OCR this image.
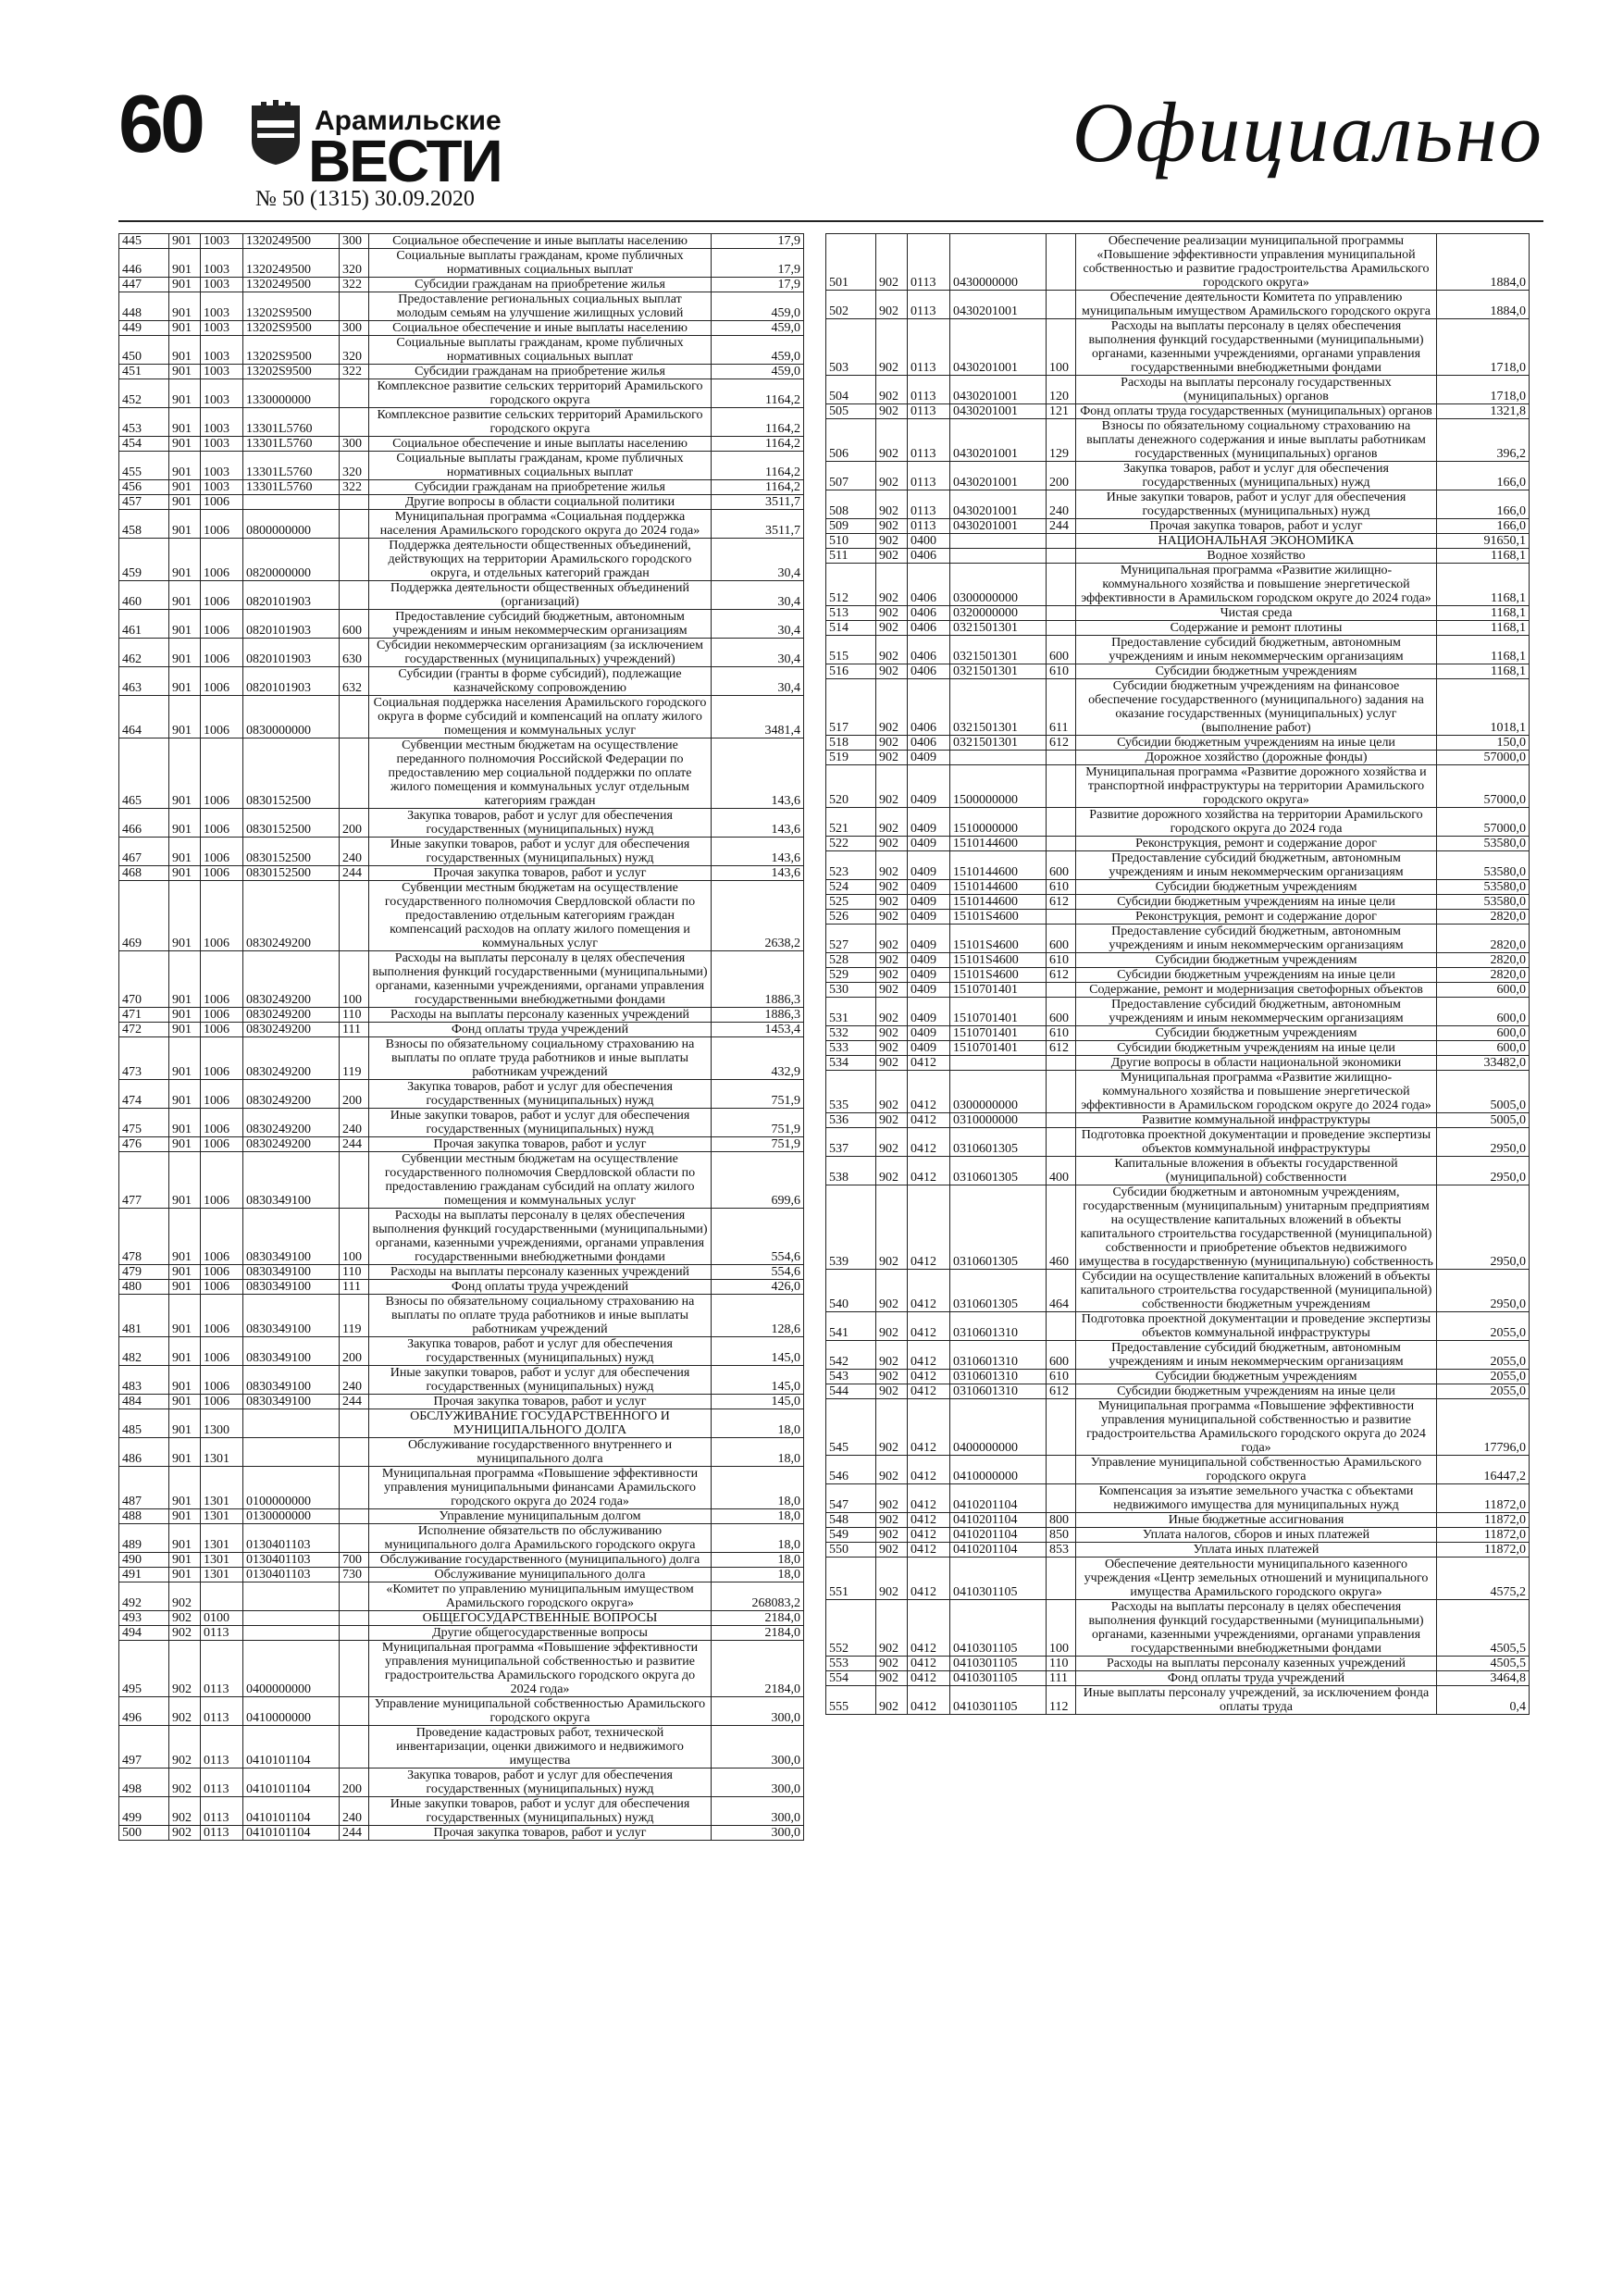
60	Арамильские
ВЕСТИ
№ 50 (1315) 30.09.2020
Официально
445	901	1003	1320249500	300	Социальное обеспечение и иные выплаты населению	17,9
446	901	1003	1320249500	320	Социальные выплаты гражданам, кроме публичных нормативных социальных выплат	17,9
447	901	1003	1320249500	322	Субсидии гражданам на приобретение жилья	17,9
448	901	1003	13202S9500		Предоставление региональных социальных выплат молодым семьям на улучшение жилищных условий	459,0
449	901	1003	13202S9500	300	Социальное обеспечение и иные выплаты населению	459,0
450	901	1003	13202S9500	320	Социальные выплаты гражданам, кроме публичных нормативных социальных выплат	459,0
451	901	1003	13202S9500	322	Субсидии гражданам на приобретение жилья	459,0
452	901	1003	1330000000		Комплексное развитие сельских территорий Арамильского городского округа	1164,2
453	901	1003	13301L5760		Комплексное развитие сельских территорий Арамильского городского округа	1164,2
454	901	1003	13301L5760	300	Социальное обеспечение и иные выплаты населению	1164,2
455	901	1003	13301L5760	320	Социальные выплаты гражданам, кроме публичных нормативных социальных выплат	1164,2
456	901	1003	13301L5760	322	Субсидии гражданам на приобретение жилья	1164,2
457	901	1006			Другие вопросы в области социальной политики	3511,7
458	901	1006	0800000000		Муниципальная программа «Социальная поддержка населения Арамильского городского округа до 2024 года»	3511,7
459	901	1006	0820000000		Поддержка деятельности общественных объединений, действующих на территории Арамильского городского округа, и отдельных категорий граждан	30,4
460	901	1006	0820101903		Поддержка деятельности общественных объединений (организаций)	30,4
461	901	1006	0820101903	600	Предоставление субсидий бюджетным, автономным учреждениям и иным некоммерческим организациям	30,4
462	901	1006	0820101903	630	Субсидии некоммерческим организациям (за исключением государственных (муниципальных) учреждений)	30,4
463	901	1006	0820101903	632	Субсидии (гранты в форме субсидий), подлежащие казначейскому сопровождению	30,4
464	901	1006	0830000000		Социальная поддержка населения Арамильского городского округа в форме субсидий и компенсаций на оплату жилого помещения и коммунальных услуг	3481,4
465	901	1006	0830152500		Субвенции местным бюджетам на осуществление переданного полномочия Российской Федерации по предоставлению мер социальной поддержки по оплате жилого помещения и коммунальных услуг отдельным категориям граждан	143,6
466	901	1006	0830152500	200	Закупка товаров, работ и услуг для обеспечения государственных (муниципальных) нужд	143,6
467	901	1006	0830152500	240	Иные закупки товаров, работ и услуг для обеспечения государственных (муниципальных) нужд	143,6
468	901	1006	0830152500	244	Прочая закупка товаров, работ и услуг	143,6
469	901	1006	0830249200		Субвенции местным бюджетам на осуществление государственного полномочия Свердловской области по предоставлению отдельным категориям граждан компенсаций расходов на оплату жилого помещения и коммунальных услуг	2638,2
470	901	1006	0830249200	100	Расходы на выплаты персоналу в целях обеспечения выполнения функций государственными (муниципальными) органами, казенными учреждениями, органами управления государственными внебюджетными фондами	1886,3
471	901	1006	0830249200	110	Расходы на выплаты персоналу казенных учреждений	1886,3
472	901	1006	0830249200	111	Фонд оплаты труда учреждений	1453,4
473	901	1006	0830249200	119	Взносы по обязательному социальному страхованию на выплаты по оплате труда работников и иные выплаты работникам учреждений	432,9
474	901	1006	0830249200	200	Закупка товаров, работ и услуг для обеспечения государственных (муниципальных) нужд	751,9
475	901	1006	0830249200	240	Иные закупки товаров, работ и услуг для обеспечения государственных (муниципальных) нужд	751,9
476	901	1006	0830249200	244	Прочая закупка товаров, работ и услуг	751,9
477	901	1006	0830349100		Субвенции местным бюджетам на осуществление государственного полномочия Свердловской области по предоставлению гражданам субсидий на оплату жилого помещения и коммунальных услуг	699,6
478	901	1006	0830349100	100	Расходы на выплаты персоналу в целях обеспечения выполнения функций государственными (муниципальными) органами, казенными учреждениями, органами управления государственными внебюджетными фондами	554,6
479	901	1006	0830349100	110	Расходы на выплаты персоналу казенных учреждений	554,6
480	901	1006	0830349100	111	Фонд оплаты труда учреждений	426,0
481	901	1006	0830349100	119	Взносы по обязательному социальному страхованию на выплаты по оплате труда работников и иные выплаты работникам учреждений	128,6
482	901	1006	0830349100	200	Закупка товаров, работ и услуг для обеспечения государственных (муниципальных) нужд	145,0
483	901	1006	0830349100	240	Иные закупки товаров, работ и услуг для обеспечения государственных (муниципальных) нужд	145,0
484	901	1006	0830349100	244	Прочая закупка товаров, работ и услуг	145,0
485	901	1300			ОБСЛУЖИВАНИЕ ГОСУДАРСТВЕННОГО И МУНИЦИПАЛЬНОГО ДОЛГА	18,0
486	901	1301			Обслуживание государственного внутреннего и муниципального долга	18,0
487	901	1301	0100000000		Муниципальная программа «Повышение эффективности управления муниципальными финансами Арамильского городского округа до 2024 года»	18,0
488	901	1301	0130000000		Управление муниципальным долгом	18,0
489	901	1301	0130401103		Исполнение обязательств по обслуживанию муниципального долга Арамильского городского округа	18,0
490	901	1301	0130401103	700	Обслуживание государственного (муниципального) долга	18,0
491	901	1301	0130401103	730	Обслуживание муниципального долга	18,0
492	902				«Комитет по управлению муниципальным имуществом Арамильского городского округа»	268083,2
493	902	0100			ОБЩЕГОСУДАРСТВЕННЫЕ ВОПРОСЫ	2184,0
494	902	0113			Другие общегосударственные вопросы	2184,0
495	902	0113	0400000000		Муниципальная программа «Повышение эффективности управления муниципальной собственностью и развитие градостроительства Арамильского городского округа до 2024 года»	2184,0
496	902	0113	0410000000		Управление муниципальной собственностью Арамильского городского округа	300,0
497	902	0113	0410101104		Проведение кадастровых работ, технической инвентаризации, оценки движимого и недвижимого имущества	300,0
498	902	0113	0410101104	200	Закупка товаров, работ и услуг для обеспечения государственных (муниципальных) нужд	300,0
499	902	0113	0410101104	240	Иные закупки товаров, работ и услуг для обеспечения государственных (муниципальных) нужд	300,0
500	902	0113	0410101104	244	Прочая закупка товаров, работ и услуг	300,0
501	902	0113	0430000000		Обеспечение реализации муниципальной программы «Повышение эффективности управления муниципальной собственностью и развитие градостроительства Арамильского городского округа»	1884,0
502	902	0113	0430201001		Обеспечение деятельности Комитета по управлению муниципальным имуществом Арамильского городского округа	1884,0
503	902	0113	0430201001	100	Расходы на выплаты персоналу в целях обеспечения выполнения функций государственными (муниципальными) органами, казенными учреждениями, органами управления государственными внебюджетными фондами	1718,0
504	902	0113	0430201001	120	Расходы на выплаты персоналу государственных (муниципальных) органов	1718,0
505	902	0113	0430201001	121	Фонд оплаты труда государственных (муниципальных) органов	1321,8
506	902	0113	0430201001	129	Взносы по обязательному социальному страхованию на выплаты денежного содержания и иные выплаты работникам государственных (муниципальных) органов	396,2
507	902	0113	0430201001	200	Закупка товаров, работ и услуг для обеспечения государственных (муниципальных) нужд	166,0
508	902	0113	0430201001	240	Иные закупки товаров, работ и услуг для обеспечения государственных (муниципальных) нужд	166,0
509	902	0113	0430201001	244	Прочая закупка товаров, работ и услуг	166,0
510	902	0400			НАЦИОНАЛЬНАЯ ЭКОНОМИКА	91650,1
511	902	0406			Водное хозяйство	1168,1
512	902	0406	0300000000		Муниципальная программа «Развитие жилищно-коммунального хозяйства и повышение энергетической эффективности в Арамильском городском округе до 2024 года»	1168,1
513	902	0406	0320000000		Чистая среда	1168,1
514	902	0406	0321501301		Содержание и ремонт плотины	1168,1
515	902	0406	0321501301	600	Предоставление субсидий бюджетным, автономным учреждениям и иным некоммерческим организациям	1168,1
516	902	0406	0321501301	610	Субсидии бюджетным учреждениям	1168,1
517	902	0406	0321501301	611	Субсидии бюджетным учреждениям на финансовое обеспечение государственного (муниципального) задания на оказание государственных (муниципальных) услуг (выполнение работ)	1018,1
518	902	0406	0321501301	612	Субсидии бюджетным учреждениям на иные цели	150,0
519	902	0409			Дорожное хозяйство (дорожные фонды)	57000,0
520	902	0409	1500000000		Муниципальная программа «Развитие дорожного хозяйства и транспортной инфраструктуры на территории Арамильского городского округа»	57000,0
521	902	0409	1510000000		Развитие дорожного хозяйства на территории Арамильского городского округа до 2024 года	57000,0
522	902	0409	1510144600		Реконструкция, ремонт и содержание дорог	53580,0
523	902	0409	1510144600	600	Предоставление субсидий бюджетным, автономным учреждениям и иным некоммерческим организациям	53580,0
524	902	0409	1510144600	610	Субсидии бюджетным учреждениям	53580,0
525	902	0409	1510144600	612	Субсидии бюджетным учреждениям на иные цели	53580,0
526	902	0409	15101S4600		Реконструкция, ремонт и содержание дорог	2820,0
527	902	0409	15101S4600	600	Предоставление субсидий бюджетным, автономным учреждениям и иным некоммерческим организациям	2820,0
528	902	0409	15101S4600	610	Субсидии бюджетным учреждениям	2820,0
529	902	0409	15101S4600	612	Субсидии бюджетным учреждениям на иные цели	2820,0
530	902	0409	1510701401		Содержание, ремонт и модернизация светофорных объектов	600,0
531	902	0409	1510701401	600	Предоставление субсидий бюджетным, автономным учреждениям и иным некоммерческим организациям	600,0
532	902	0409	1510701401	610	Субсидии бюджетным учреждениям	600,0
533	902	0409	1510701401	612	Субсидии бюджетным учреждениям на иные цели	600,0
534	902	0412			Другие вопросы в области национальной экономики	33482,0
535	902	0412	0300000000		Муниципальная программа «Развитие жилищно-коммунального хозяйства и повышение энергетической эффективности в Арамильском городском округе до 2024 года»	5005,0
536	902	0412	0310000000		Развитие коммунальной инфраструктуры	5005,0
537	902	0412	0310601305		Подготовка проектной документации и проведение экспертизы объектов коммунальной инфраструктуры	2950,0
538	902	0412	0310601305	400	Капитальные вложения в объекты государственной (муниципальной) собственности	2950,0
539	902	0412	0310601305	460	Субсидии бюджетным и автономным учреждениям, государственным (муниципальным) унитарным предприятиям на осуществление капитальных вложений в объекты капитального строительства государственной (муниципальной) собственности и приобретение объектов недвижимого имущества в государственную (муниципальную) собственность	2950,0
540	902	0412	0310601305	464	Субсидии на осуществление капитальных вложений в объекты капитального строительства государственной (муниципальной) собственности бюджетным учреждениям	2950,0
541	902	0412	0310601310		Подготовка проектной документации и проведение экспертизы объектов коммунальной инфраструктуры	2055,0
542	902	0412	0310601310	600	Предоставление субсидий бюджетным, автономным учреждениям и иным некоммерческим организациям	2055,0
543	902	0412	0310601310	610	Субсидии бюджетным учреждениям	2055,0
544	902	0412	0310601310	612	Субсидии бюджетным учреждениям на иные цели	2055,0
545	902	0412	0400000000		Муниципальная программа «Повышение эффективности управления муниципальной собственностью и развитие градостроительства Арамильского городского округа до 2024 года»	17796,0
546	902	0412	0410000000		Управление муниципальной собственностью Арамильского городского округа	16447,2
547	902	0412	0410201104		Компенсация за изъятие земельного участка с объектами недвижимого имущества для муниципальных нужд	11872,0
548	902	0412	0410201104	800	Иные бюджетные ассигнования	11872,0
549	902	0412	0410201104	850	Уплата налогов, сборов и иных платежей	11872,0
550	902	0412	0410201104	853	Уплата иных платежей	11872,0
551	902	0412	0410301105		Обеспечение деятельности муниципального казенного учреждения «Центр земельных отношений и муниципального имущества Арамильского городского округа»	4575,2
552	902	0412	0410301105	100	Расходы на выплаты персоналу в целях обеспечения выполнения функций государственными (муниципальными) органами, казенными учреждениями, органами управления государственными внебюджетными фондами	4505,5
553	902	0412	0410301105	110	Расходы на выплаты персоналу казенных учреждений	4505,5
554	902	0412	0410301105	111	Фонд оплаты труда учреждений	3464,8
555	902	0412	0410301105	112	Иные выплаты персоналу учреждений, за исключением фонда оплаты труда	0,4
